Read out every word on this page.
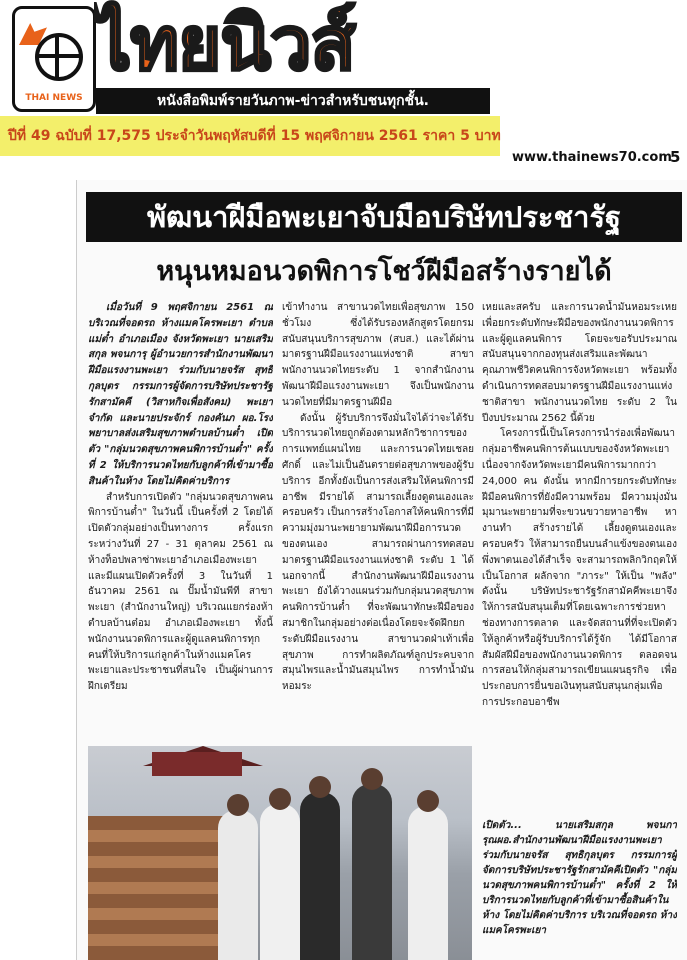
THAI NEWS
ไทยนิวส์
หนังสือพิมพ์รายวันภาพ-ข่าวสำหรับชนทุกชั้น.
ปีที่ 49 ฉบับที่ 17,575 ประจำวันพฤหัสบดีที่ 15 พฤศจิกายน 2561 ราคา 5 บาท
www.thainews70.com
5
พัฒนาฝีมือพะเยาจับมือบริษัทประชารัฐ
หนุนหมอนวดพิการโชว์ฝีมือสร้างรายได้

เมื่อวันที่ 9 พฤศจิกายน 2561 ณ บริเวณที่จอดรถ ห้างแมคโครพะเยา ตำบลแม่ต๋ำ อำเภอเมือง จังหวัดพะเยา นายเสริมสกุล พจนการุ ผู้อำนวยการสำนักงานพัฒนาฝีมือแรงงานพะเยา ร่วมกับนายจรัส สุทธิกุลบุตร กรรมการผู้จัดการบริษัทประชารัฐรักสามัคคี (วิสาหกิจเพื่อสังคม) พะเยา จำกัด และนายประจักร์ กองคันภ ผอ.โรงพยาบาลส่งเสริมสุขภาพตำบลบ้านต๋ำ เปิดตัว "กลุ่มนวดสุขภาพคนพิการบ้านต๋ำ" ครั้งที่ 2 ให้บริการนวดไทยกับลูกค้าที่เข้ามาซื้อสินค้าในห้าง โดยไม่คิดค่าบริการ

สำหรับการเปิดตัว "กลุ่มนวดสุขภาพคนพิการบ้านต๋ำ" ในวันนี้ เป็นครั้งที่ 2 โดยได้เปิดตัวกลุ่มอย่างเป็นทางการ ครั้งแรก ระหว่างวันที่ 27 - 31 ตุลาคม 2561 ณ ห้างท็อปพลาซ่าพะเยาอำเภอเมืองพะเยา และมีแผนเปิดตัวครั้งที่ 3 ในวันที่ 1 ธันวาคม 2561 ณ ปั๊มน้ำมันพีที สาขาพะเยา (สำนักงานใหญ่) บริเวณแยกร่องห้า ตำบลบ้านต๋อม อำเภอเมืองพะเยา ทั้งนี้ พนักงานนวดพิการและผู้ดูแลคนพิการทุกคนที่ให้บริการแก่ลูกค้าในห้างแมคโครพะเยาและประชาชนที่สนใจ เป็นผู้ผ่านการฝึกเตรียม

เข้าทำงาน สาขานวดไทยเพื่อสุขภาพ 150 ชั่วโมง ซึ่งได้รับรองหลักสูตรโดยกรมสนับสนุนบริการสุขภาพ (สบส.) และได้ผ่านมาตรฐานฝีมือแรงงานแห่งชาติ สาขาพนักงานนวดไทยระดับ 1 จากสำนักงานพัฒนาฝีมือแรงงานพะเยา จึงเป็นพนักงานนวดไทยที่มีมาตรฐานฝีมือ

ดังนั้น ผู้รับบริการจึงมั่นใจได้ว่าจะได้รับบริการนวดไทยถูกต้องตามหลักวิชาการของการแพทย์แผนไทย และการนวดไทยเชลยศักดิ์ และไม่เป็นอันตรายต่อสุขภาพของผู้รับบริการ อีกทั้งยังเป็นการส่งเสริมให้คนพิการมีอาชีพ มีรายได้ สามารถเลี้ยงดูตนเองและครอบครัว เป็นการสร้างโอกาสให้คนพิการที่มีความมุ่งมานะพยายามพัฒนาฝีมือการนวดของตนเอง สามารถผ่านการทดสอบมาตรฐานฝีมือแรงงานแห่งชาติ ระดับ 1 ได้ นอกจากนี้ สำนักงานพัฒนาฝีมือแรงงานพะเยา ยังได้วางแผนร่วมกับกลุ่มนวดสุขภาพคนพิการบ้านต๋ำ ที่จะพัฒนาทักษะฝีมือของสมาชิกในกลุ่มอย่างต่อเนื่องโดยจะจัดฝึกยกระดับฝีมือแรงงาน สาขานวดฝ่าเท้าเพื่อสุขภาพ การทำผลิตภัณฑ์ลูกประคบจากสมุนไพรและน้ำมันสมุนไพร การทำน้ำมันหอมระ

เหยและสครับ และการนวดน้ำมันหอมระเหย เพื่อยกระดับทักษะฝีมือของพนักงานนวดพิการและผู้ดูแลคนพิการ โดยจะขอรับประมาณสนับสนุนจากกองทุนส่งเสริมและพัฒนาคุณภาพชีวิตคนพิการจังหวัดพะเยา พร้อมทั้งดำเนินการทดสอบมาตรฐานฝีมือแรงงานแห่งชาติสาขา พนักงานนวดไทย ระดับ 2 ในปีงบประมาณ 2562 นี้ด้วย

โครงการนี้เป็นโครงการนำร่องเพื่อพัฒนากลุ่มอาชีพคนพิการต้นแบบของจังหวัดพะเยา เนื่องจากจังหวัดพะเยามีคนพิการมากกว่า 24,000 คน ดังนั้น หากมีการยกระดับทักษะฝีมือคนพิการที่ยังมีความพร้อม มีความมุ่งมั่น มุมานะพยายามที่จะขวนขวายหาอาชีพ หางานทำ สร้างรายได้ เลี้ยงดูตนเองและครอบครัว ให้สามารถยืนบนลำแข้งของตนเอง พึ่งพาตนเองได้สำเร็จ จะสามารถพลิกวิกฤตให้เป็นโอกาส ผลักจาก "ภาระ" ให้เป็น "พลัง" ดังนั้น บริษัทประชารัฐรักสามัคคีพะเยาจึงให้การสนับสนุนเต็มที่โดยเฉพาะการช่วยหาช่องทางการตลาด และจัดสถานที่ที่จะเปิดตัวให้ลูกค้าหรือผู้รับบริการได้รู้จัก ได้มีโอกาสสัมผัสฝีมือของพนักงานนวดพิการ ตลอดจนการสอนให้กลุ่มสามารถเขียนแผนธุรกิจ เพื่อประกอบการยื่นขอเงินทุนสนับสนุนกลุ่มเพื่อการประกอบอาชีพ

เปิดตัว... นายเสริมสกุล พจนการุณผอ.สำนักงานพัฒนาฝีมือแรงงานพะเยา ร่วมกับนายจรัส สุทธิกุลบุตร กรรมการผู้จัดการบริษัทประชารัฐรักสามัคคีเปิดตัว "กลุ่มนวดสุขภาพคนพิการบ้านต๋ำ" ครั้งที่ 2 ให้บริการนวดไทยกับลูกค้าที่เข้ามาซื้อสินค้าในห้าง โดยไม่คิดค่าบริการ บริเวณที่จอดรถ ห้างแมคโครพะเยา
